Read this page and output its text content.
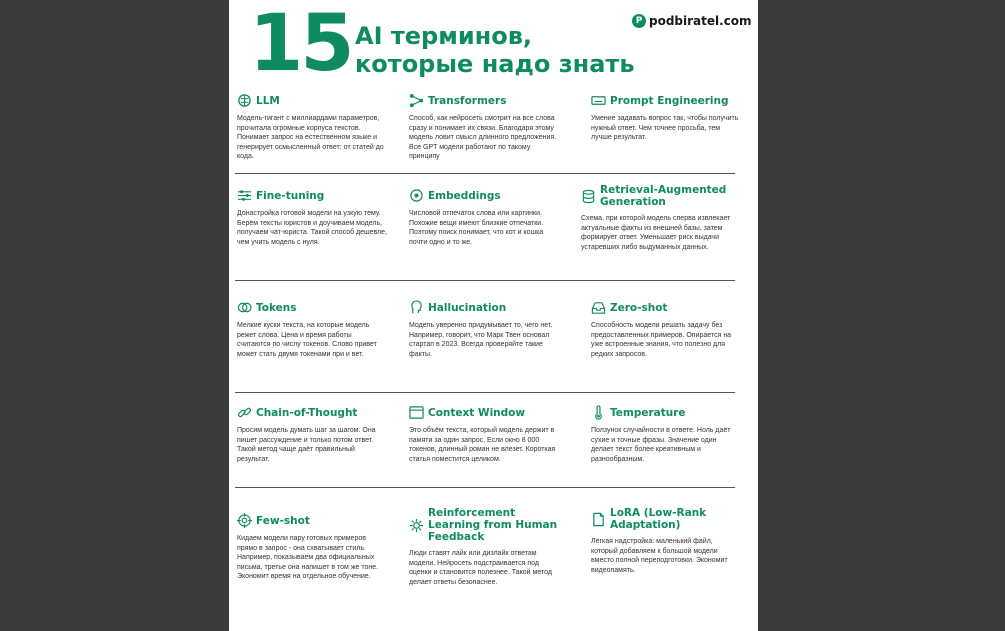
15 AI терминов,
которые надо знать
P podbiratel.com
LLM
Модель-гигант с миллиардами параметров, прочитала огромные корпуса текстов. Понимает запрос на естественном языке и генерирует осмысленный ответ: от статей до кода.
Transformers
Способ, как нейросеть смотрит на все слова сразу и понимает их связи. Благодаря этому модель ловит смысл длинного предложения. Все GPT модели работают по такому принципу
Prompt Engineering
Умение задавать вопрос так, чтобы получить нужный ответ. Чем точнее просьба, тем лучше результат.
Fine-tuning
Донастройка готовой модели на узкую тему. Берём тексты юристов и доучиваем модель, получаем чат-юриста. Такой способ дешевле, чем учить модель с нуля.
Embeddings
Числовой отпечаток слова или картинки. Похожие вещи имеют близкие отпечатки. Поэтому поиск понимает, что кот и кошка почти одно и то же.
Retrieval-Augmented Generation
Схема, при которой модель сперва извлекает актуальные факты из внешней базы, затем формирует ответ. Уменьшает риск выдачи устаревших либо выдуманных данных.
Tokens
Мелкие куски текста, на которые модель режет слова. Цена и время работы считаются по числу токенов. Слово привет может стать двумя токенами при и вет.
Hallucination
Модель уверенно придумывает то, чего нет. Например, говорит, что Марк Твен основал стартап в 2023. Всегда проверяйте такие факты.
Zero-shot
Способность модели решать задачу без предоставленных примеров. Опирается на уже встроенные знания, что полезно для редких запросов.
Chain-of-Thought
Просим модель думать шаг за шагом. Она пишет рассуждение и только потом ответ. Такой метод чаще даёт правильный результат.
Context Window
Это объём текста, который модель держит в памяти за один запрос. Если окно 8 000 токенов, длинный роман не влезет. Короткая статья поместится целиком.
Temperature
Ползунок случайности в ответе. Ноль даёт сухие и точные фразы. Значение один делает текст более креативным и разнообразным.
Few-shot
Кидаем модели пару готовых примеров прямо в запрос - она схватывает стиль. Например, показываем два официальных письма, третье она напишет в том же тоне. Экономит время на отдельное обучение.
Reinforcement Learning from Human Feedback
Люди ставят лайк или дизлайк ответам модели. Нейросеть подстраивается под оценки и становится полезнее. Такой метод делает ответы безопаснее.
LoRA (Low-Rank Adaptation)
Лёгкая надстройка: маленький файл, который добавляем к большой модели вместо полной переподготовки. Экономит видеопамять.
